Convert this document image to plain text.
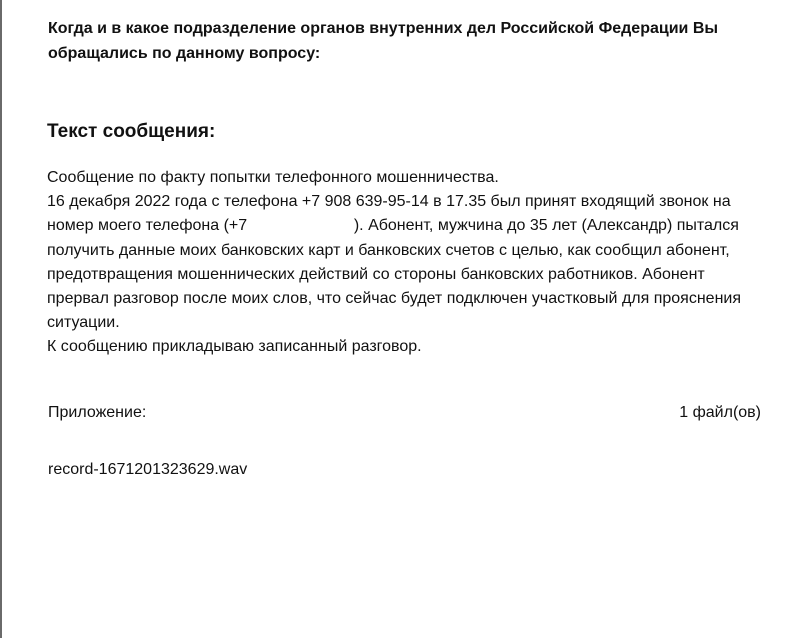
Когда и в какое подразделение органов внутренних дел Российской Федерации Вы
обращались по данному вопросу:
Текст сообщения:
Сообщение по факту попытки телефонного мошенничества.
16 декабря 2022 года с телефона +7 908 639-95-14 в 17.35 был принят входящий звонок на
номер моего телефона (+7                        ). Абонент, мужчина до 35 лет (Александр) пытался
получить данные моих банковских карт и банковских счетов с целью, как сообщил абонент,
предотвращения мошеннических действий со стороны банковских работников. Абонент
прервал разговор после моих слов, что сейчас будет подключен участковый для прояснения
ситуации.
К сообщению прикладываю записанный разговор.
Приложение:	1 файл(ов)
record-1671201323629.wav
